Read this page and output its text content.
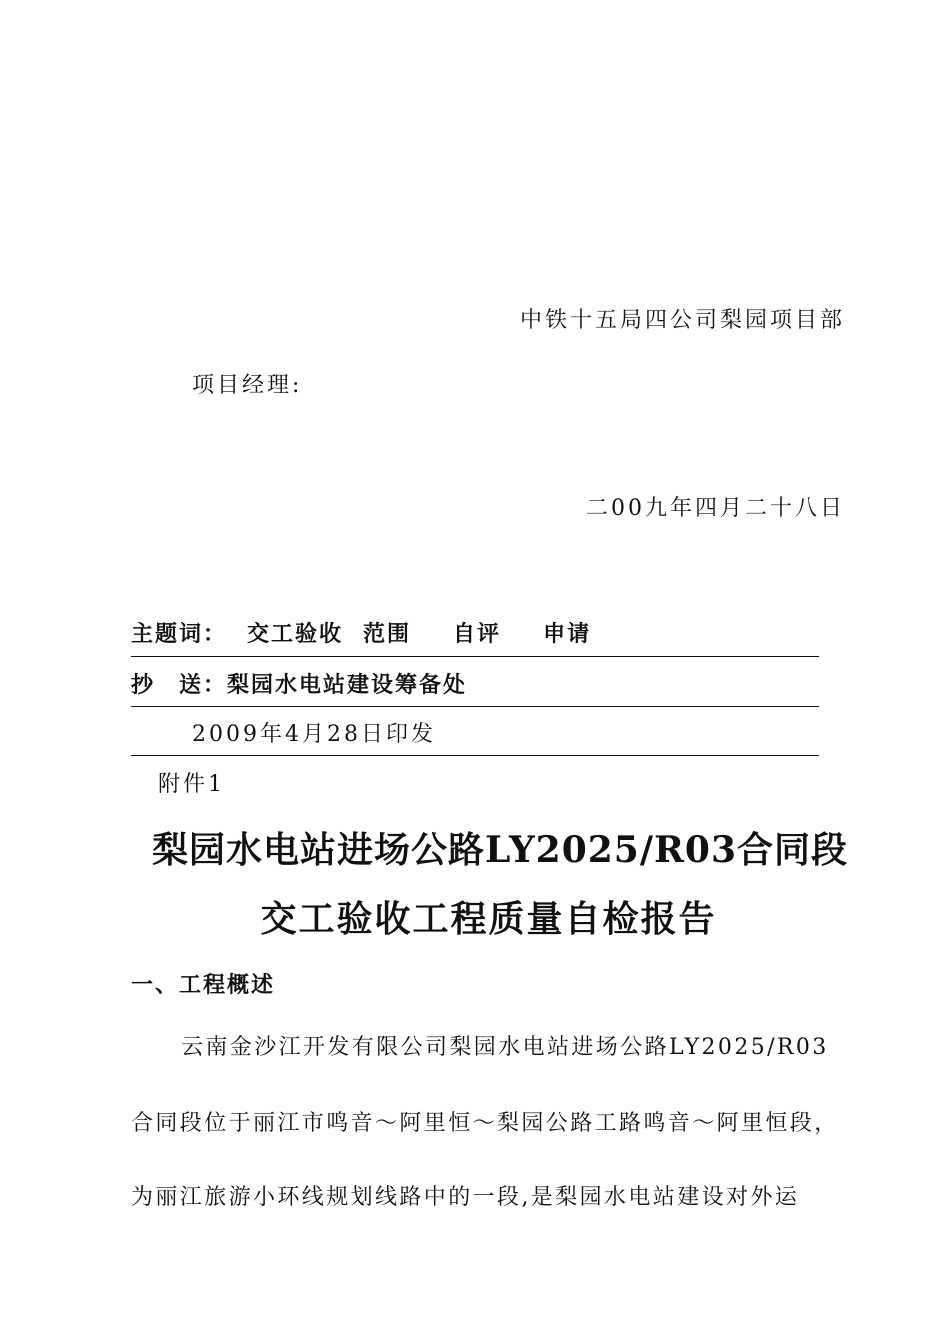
中铁十五局四公司梨园项目部
项目经理:
二00九年四月二十八日
主题词： 交工验收 范围 自评 申请
抄　送：梨园水电站建设筹备处
2009年4月28日印发
附件1
梨园水电站进场公路LY2025/R03合同段
交工验收工程质量自检报告
一、工程概述
云南金沙江开发有限公司梨园水电站进场公路LY2025/R03
合同段位于丽江市鸣音～阿里恒～梨园公路工路鸣音～阿里恒段，
为丽江旅游小环线规划线路中的一段,是梨园水电站建设对外运
